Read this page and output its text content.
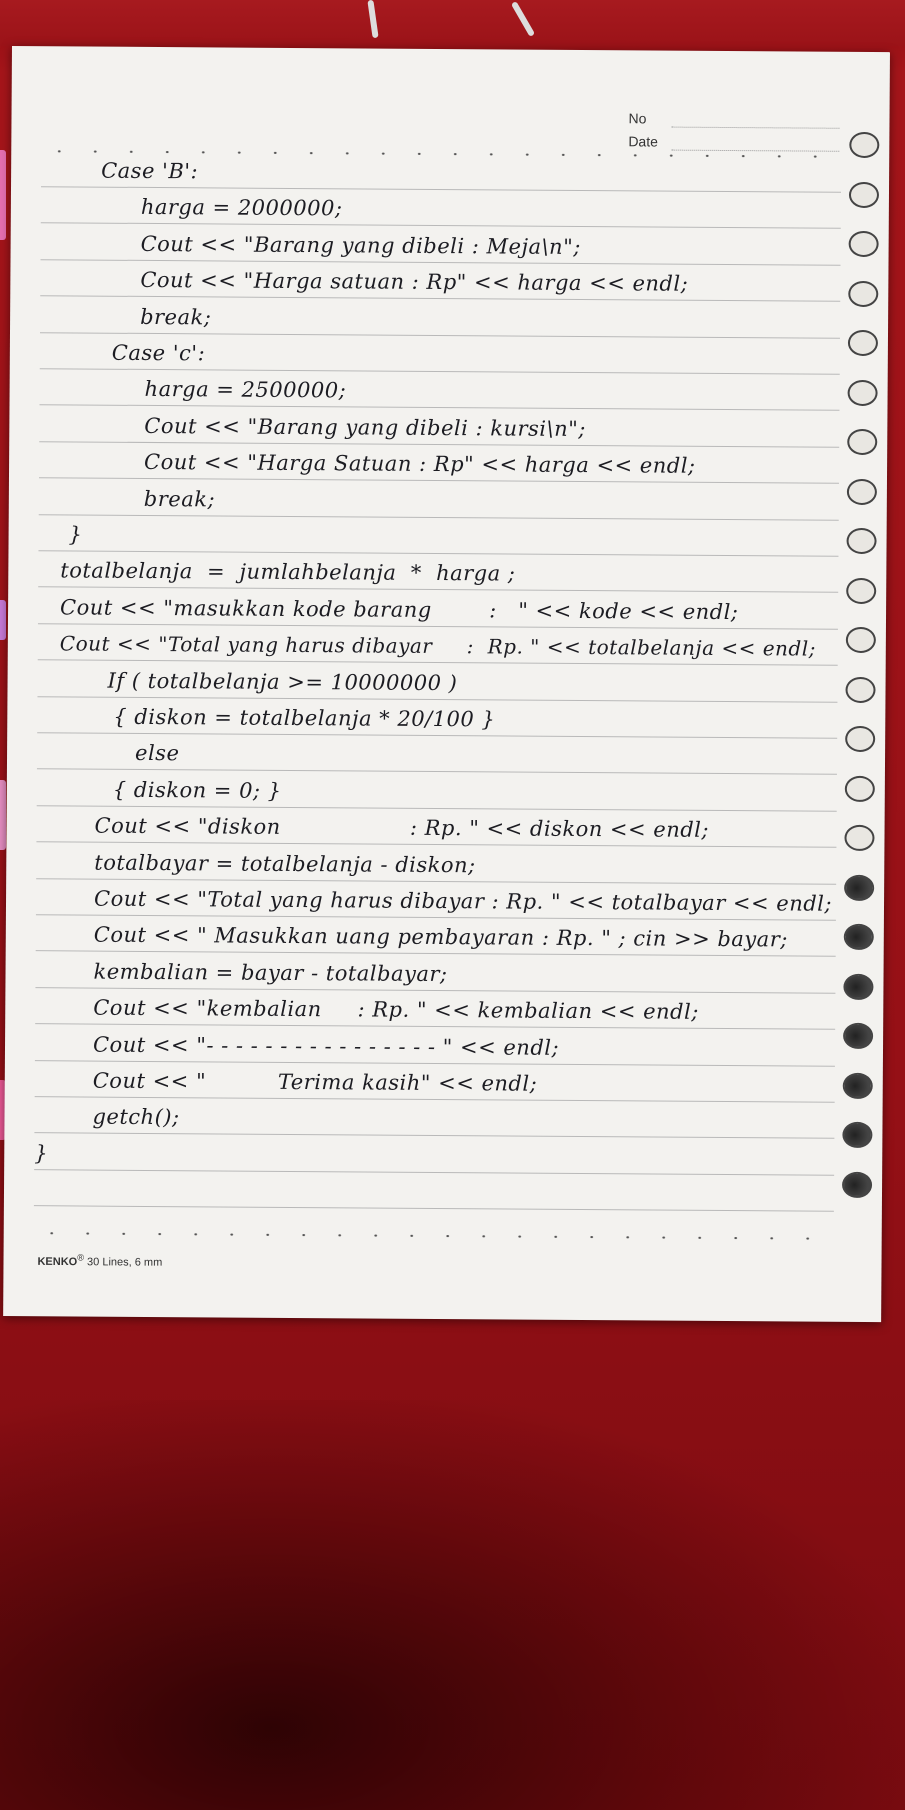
No
Date

Case 'B':

harga = 2000000;

Cout << "Barang yang dibeli : Meja\n";

Cout << "Harga satuan : Rp" << harga << endl;

break;

Case 'c':

harga = 2500000;

Cout << "Barang yang dibeli : kursi\n";

Cout << "Harga Satuan : Rp" << harga << endl;

break;

}

totalbelanja  =  jumlahbelanja  *  harga ;

Cout << "masukkan kode barang        :   " << kode << endl;

Cout << "Total yang harus dibayar     :  Rp. " << totalbelanja << endl;

If ( totalbelanja >= 10000000 )

{ diskon = totalbelanja * 20/100 }

else

{ diskon = 0; }

Cout << "diskon                  : Rp. " << diskon << endl;

totalbayar = totalbelanja - diskon;

Cout << "Total yang harus dibayar : Rp. " << totalbayar << endl;

Cout << " Masukkan uang pembayaran : Rp. " ; cin >> bayar;

kembalian = bayar - totalbayar;

Cout << "kembalian     : Rp. " << kembalian << endl;

Cout << "- - - - - - - - - - - - - - - - " << endl;

Cout << "          Terima kasih" << endl;

getch();

}

KENKO® 30 Lines, 6 mm
